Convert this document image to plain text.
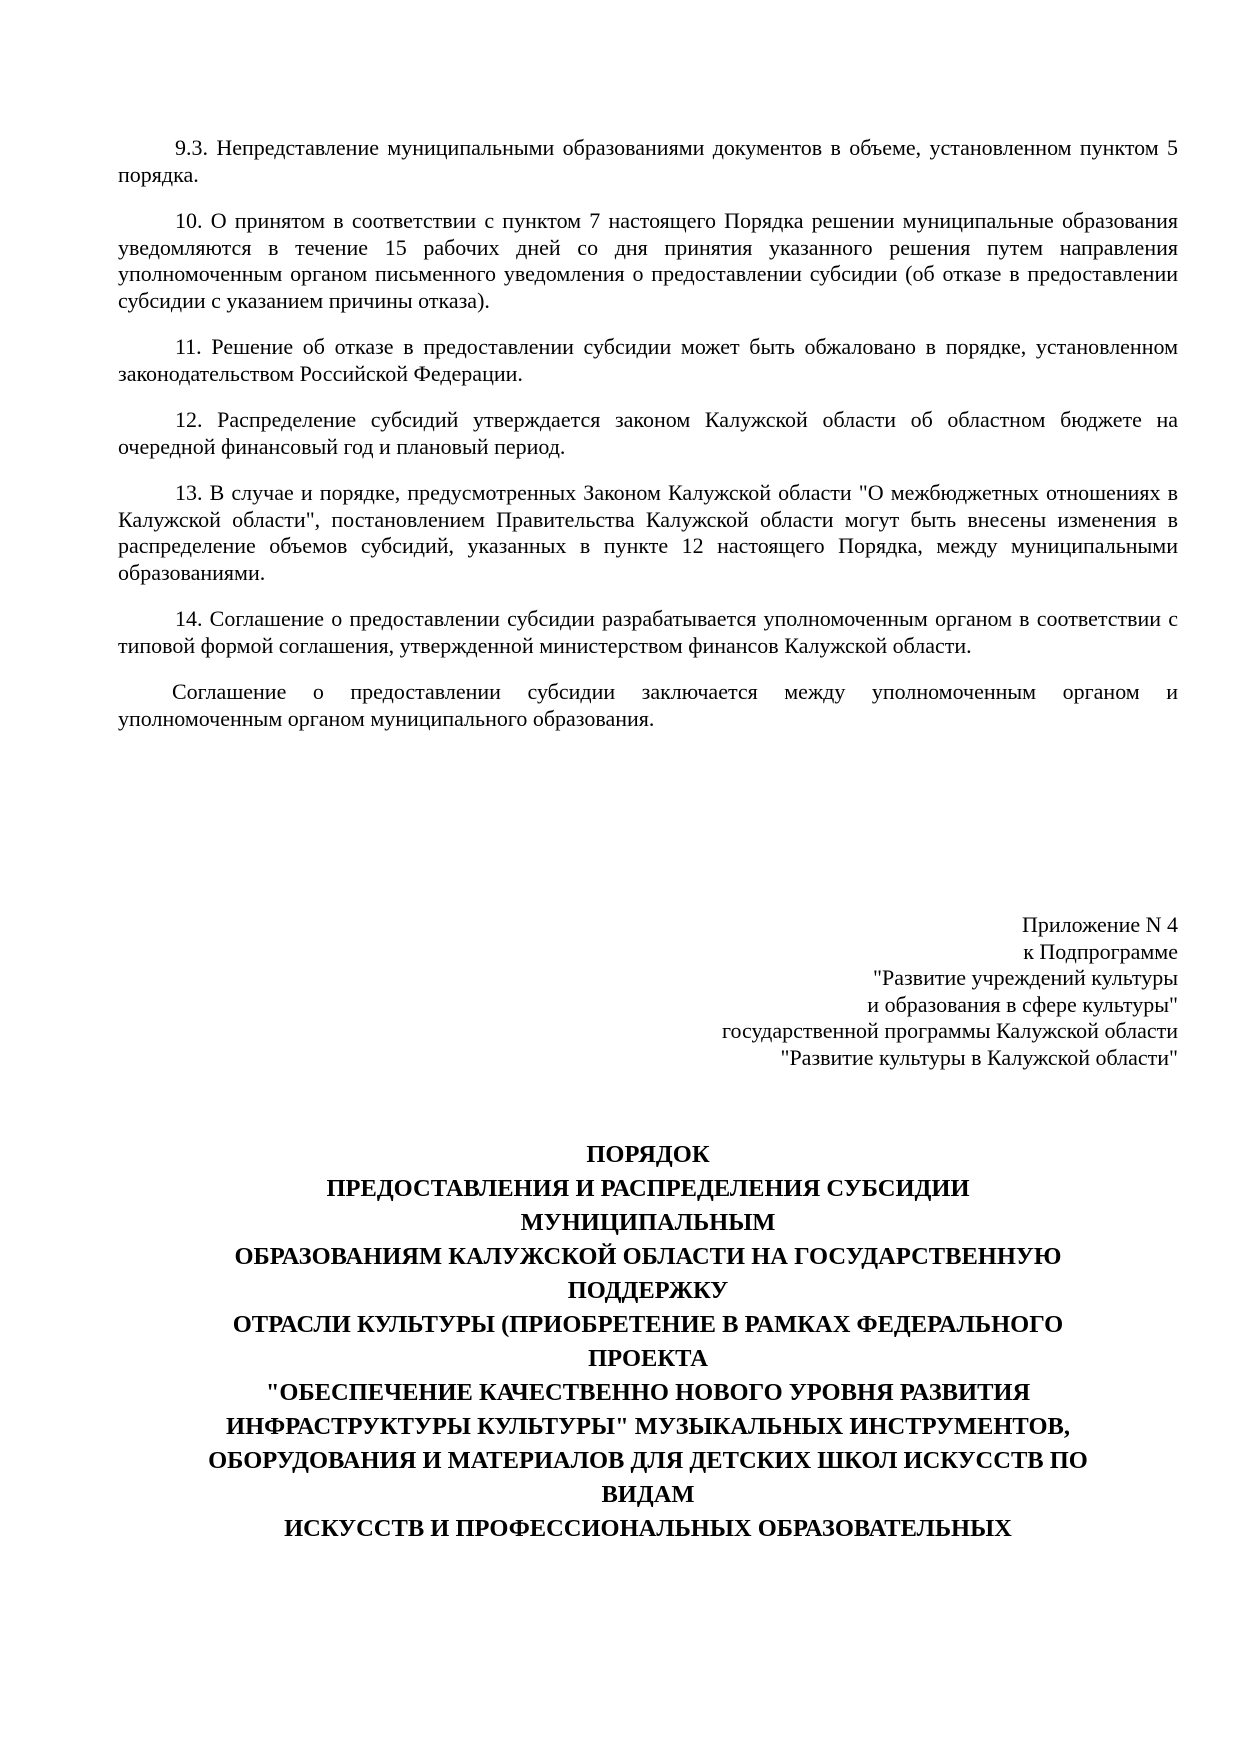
9.3. Непредставление муниципальными образованиями документов в объеме, установленном пунктом 5 порядка.

10. О принятом в соответствии с пунктом 7 настоящего Порядка решении муниципальные образования уведомляются в течение 15 рабочих дней со дня принятия указанного решения путем направления уполномоченным органом письменного уведомления о предоставлении субсидии (об отказе в предоставлении субсидии с указанием причины отказа).

11. Решение об отказе в предоставлении субсидии может быть обжаловано в порядке, установленном законодательством Российской Федерации.

12. Распределение субсидий утверждается законом Калужской области об областном бюджете на очередной финансовый год и плановый период.

13. В случае и порядке, предусмотренных Законом Калужской области "О межбюджетных отношениях в Калужской области", постановлением Правительства Калужской области могут быть внесены изменения в распределение объемов субсидий, указанных в пункте 12 настоящего Порядка, между муниципальными образованиями.

14. Соглашение о предоставлении субсидии разрабатывается уполномоченным органом в соответствии с типовой формой соглашения, утвержденной министерством финансов Калужской области.

Соглашение о предоставлении субсидии заключается между уполномоченным органом и уполномоченным органом муниципального образования.

Приложение N 4
к Подпрограмме
"Развитие учреждений культуры
и образования в сфере культуры"
государственной программы Калужской области
"Развитие культуры в Калужской области"
ПОРЯДОК
ПРЕДОСТАВЛЕНИЯ И РАСПРЕДЕЛЕНИЯ СУБСИДИИ
МУНИЦИПАЛЬНЫМ
ОБРАЗОВАНИЯМ КАЛУЖСКОЙ ОБЛАСТИ НА ГОСУДАРСТВЕННУЮ
ПОДДЕРЖКУ
ОТРАСЛИ КУЛЬТУРЫ (ПРИОБРЕТЕНИЕ В РАМКАХ ФЕДЕРАЛЬНОГО
ПРОЕКТА
"ОБЕСПЕЧЕНИЕ КАЧЕСТВЕННО НОВОГО УРОВНЯ РАЗВИТИЯ
ИНФРАСТРУКТУРЫ КУЛЬТУРЫ" МУЗЫКАЛЬНЫХ ИНСТРУМЕНТОВ,
ОБОРУДОВАНИЯ И МАТЕРИАЛОВ ДЛЯ ДЕТСКИХ ШКОЛ ИСКУССТВ ПО
ВИДАМ
ИСКУССТВ И ПРОФЕССИОНАЛЬНЫХ ОБРАЗОВАТЕЛЬНЫХ
